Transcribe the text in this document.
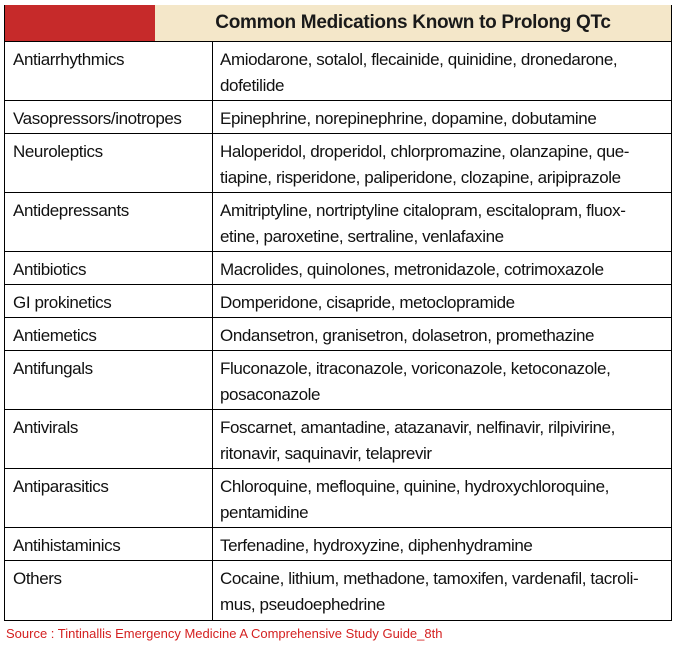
Common Medications Known to Prolong QTc
Antiarrhythmics	Amiodarone, sotalol, flecainide, quinidine, dronedarone,
dofetilide
Vasopressors/inotropes	Epinephrine, norepinephrine, dopamine, dobutamine
Neuroleptics	Haloperidol, droperidol, chlorpromazine, olanzapine, que-
tiapine, risperidone, paliperidone, clozapine, aripiprazole
Antidepressants	Amitriptyline, nortriptyline citalopram, escitalopram, fluox-
etine, paroxetine, sertraline, venlafaxine
Antibiotics	Macrolides, quinolones, metronidazole, cotrimoxazole
GI prokinetics	Domperidone, cisapride, metoclopramide
Antiemetics	Ondansetron, granisetron, dolasetron, promethazine
Antifungals	Fluconazole, itraconazole, voriconazole, ketoconazole,
posaconazole
Antivirals	Foscarnet, amantadine, atazanavir, nelfinavir, rilpivirine,
ritonavir, saquinavir, telaprevir
Antiparasitics	Chloroquine, mefloquine, quinine, hydroxychloroquine,
pentamidine
Antihistaminics	Terfenadine, hydroxyzine, diphenhydramine
Others	Cocaine, lithium, methadone, tamoxifen, vardenafil, tacroli-
mus, pseudoephedrine
Source : Tintinallis Emergency Medicine A Comprehensive Study Guide_8th
